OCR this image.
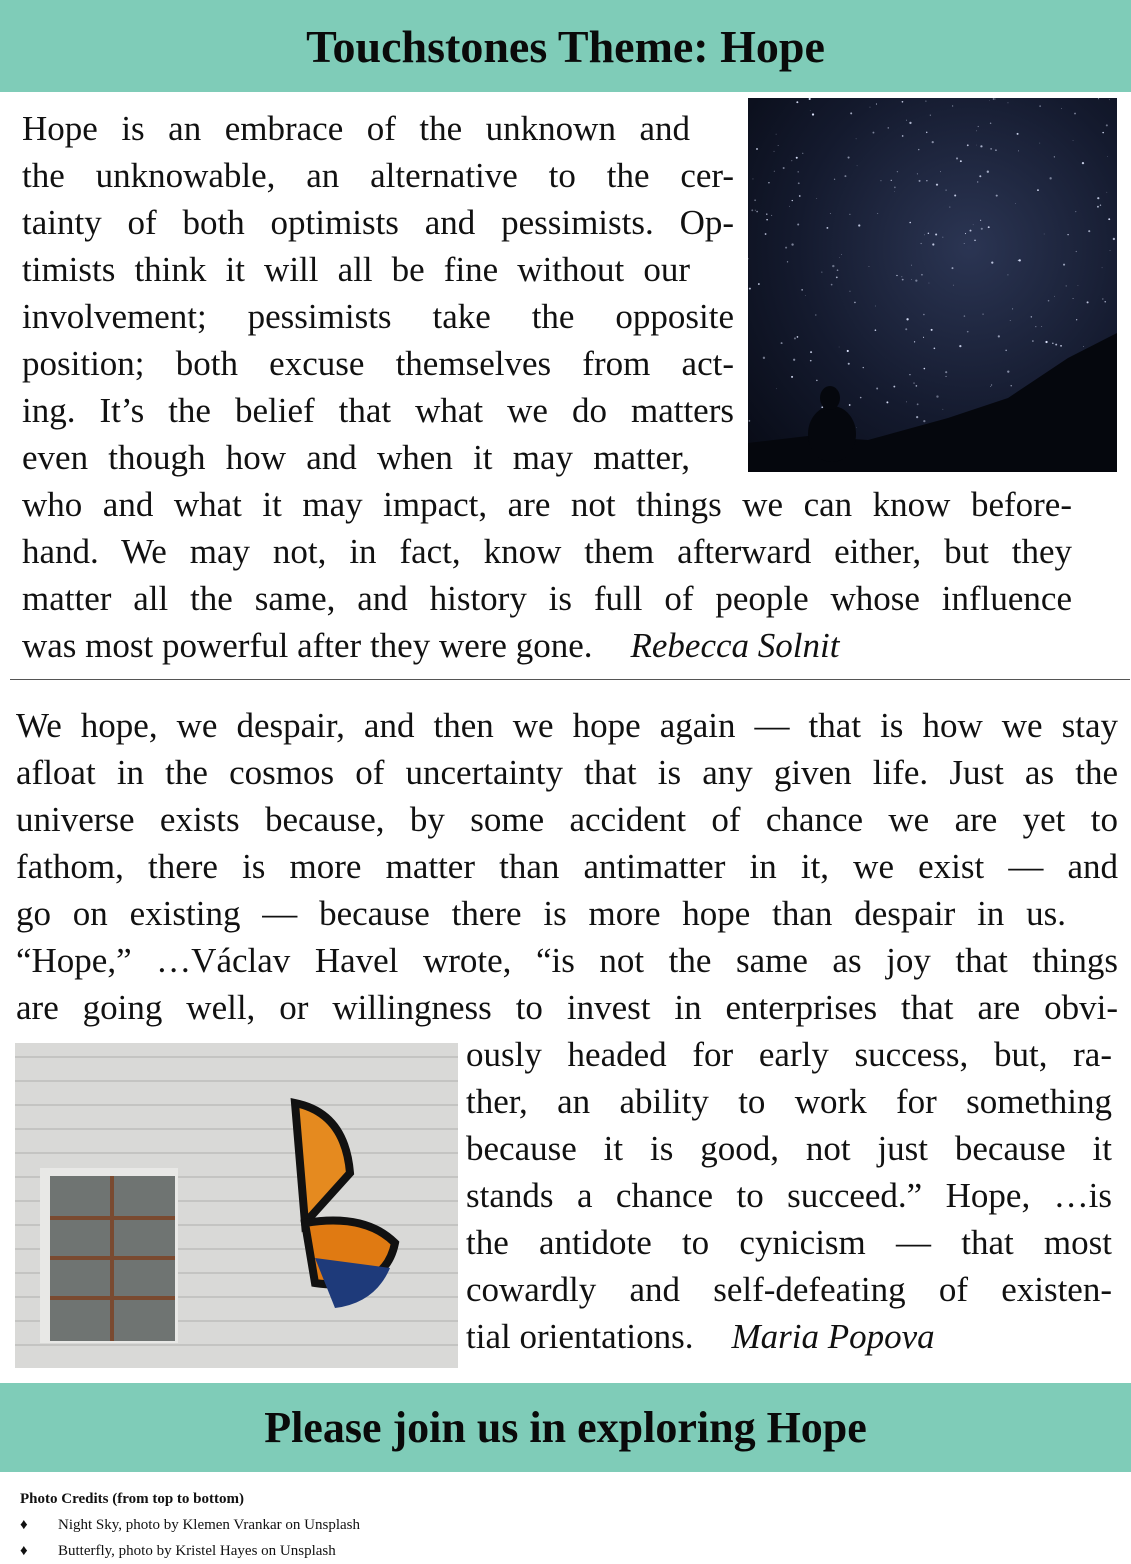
Touchstones Theme: Hope
Hope is an embrace of the unknown and
the unknowable, an alternative to the cer-
tainty of both optimists and pessimists. Op-
timists think it will all be fine without our
involvement; pessimists take the opposite
position; both excuse themselves from act-
ing. It’s the belief that what we do matters
even though how and when it may matter,
who and what it may impact, are not things we can know before-
hand. We may not, in fact, know them afterward either, but they
matter all the same, and history is full of people whose influence
was most powerful after they were gone. Rebecca Solnit
We hope, we despair, and then we hope again — that is how we stay
afloat in the cosmos of uncertainty that is any given life. Just as the
universe exists because, by some accident of chance we are yet to
fathom, there is more matter than antimatter in it, we exist — and
go on existing — because there is more hope than despair in us.
“Hope,” …Václav Havel wrote, “is not the same as joy that things
are going well, or willingness to invest in enterprises that are obvi-
ously headed for early success, but, ra-
ther, an ability to work for something
because it is good, not just because it
stands a chance to succeed.” Hope, …is
the antidote to cynicism — that most
cowardly and self-defeating of existen-
tial orientations. Maria Popova
Please join us in exploring Hope
Photo Credits (from top to bottom)
♦	Night Sky, photo by Klemen Vrankar on Unsplash
♦	Butterfly, photo by Kristel Hayes on Unsplash
